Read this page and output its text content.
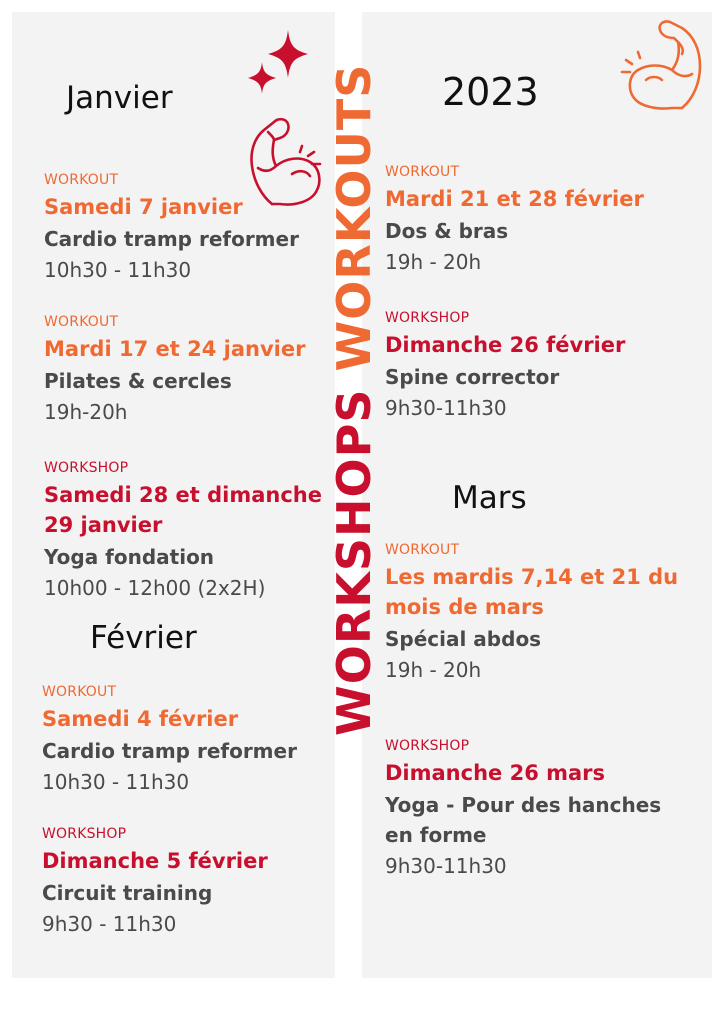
Janvier	2023
Février
Mars
WORKSHOPS WORKOUTS
WORKOUT
Samedi 7 janvier
Cardio tramp reformer
10h30 - 11h30
WORKOUT
Mardi 17 et 24 janvier
Pilates & cercles
19h-20h
WORKSHOP
Samedi 28 et dimanche 29 janvier
Yoga fondation
10h00 - 12h00 (2x2H)
WORKOUT
Samedi 4 février
Cardio tramp reformer
10h30 - 11h30
WORKSHOP
Dimanche 5 février
Circuit training
9h30 - 11h30
WORKOUT
Mardi 21 et 28 février
Dos & bras
19h - 20h
WORKSHOP
Dimanche 26 février
Spine corrector
9h30-11h30
WORKOUT
Les mardis 7,14 et 21 du mois de mars
Spécial abdos
19h - 20h
WORKSHOP
Dimanche 26 mars
Yoga - Pour des hanches en forme
9h30-11h30
